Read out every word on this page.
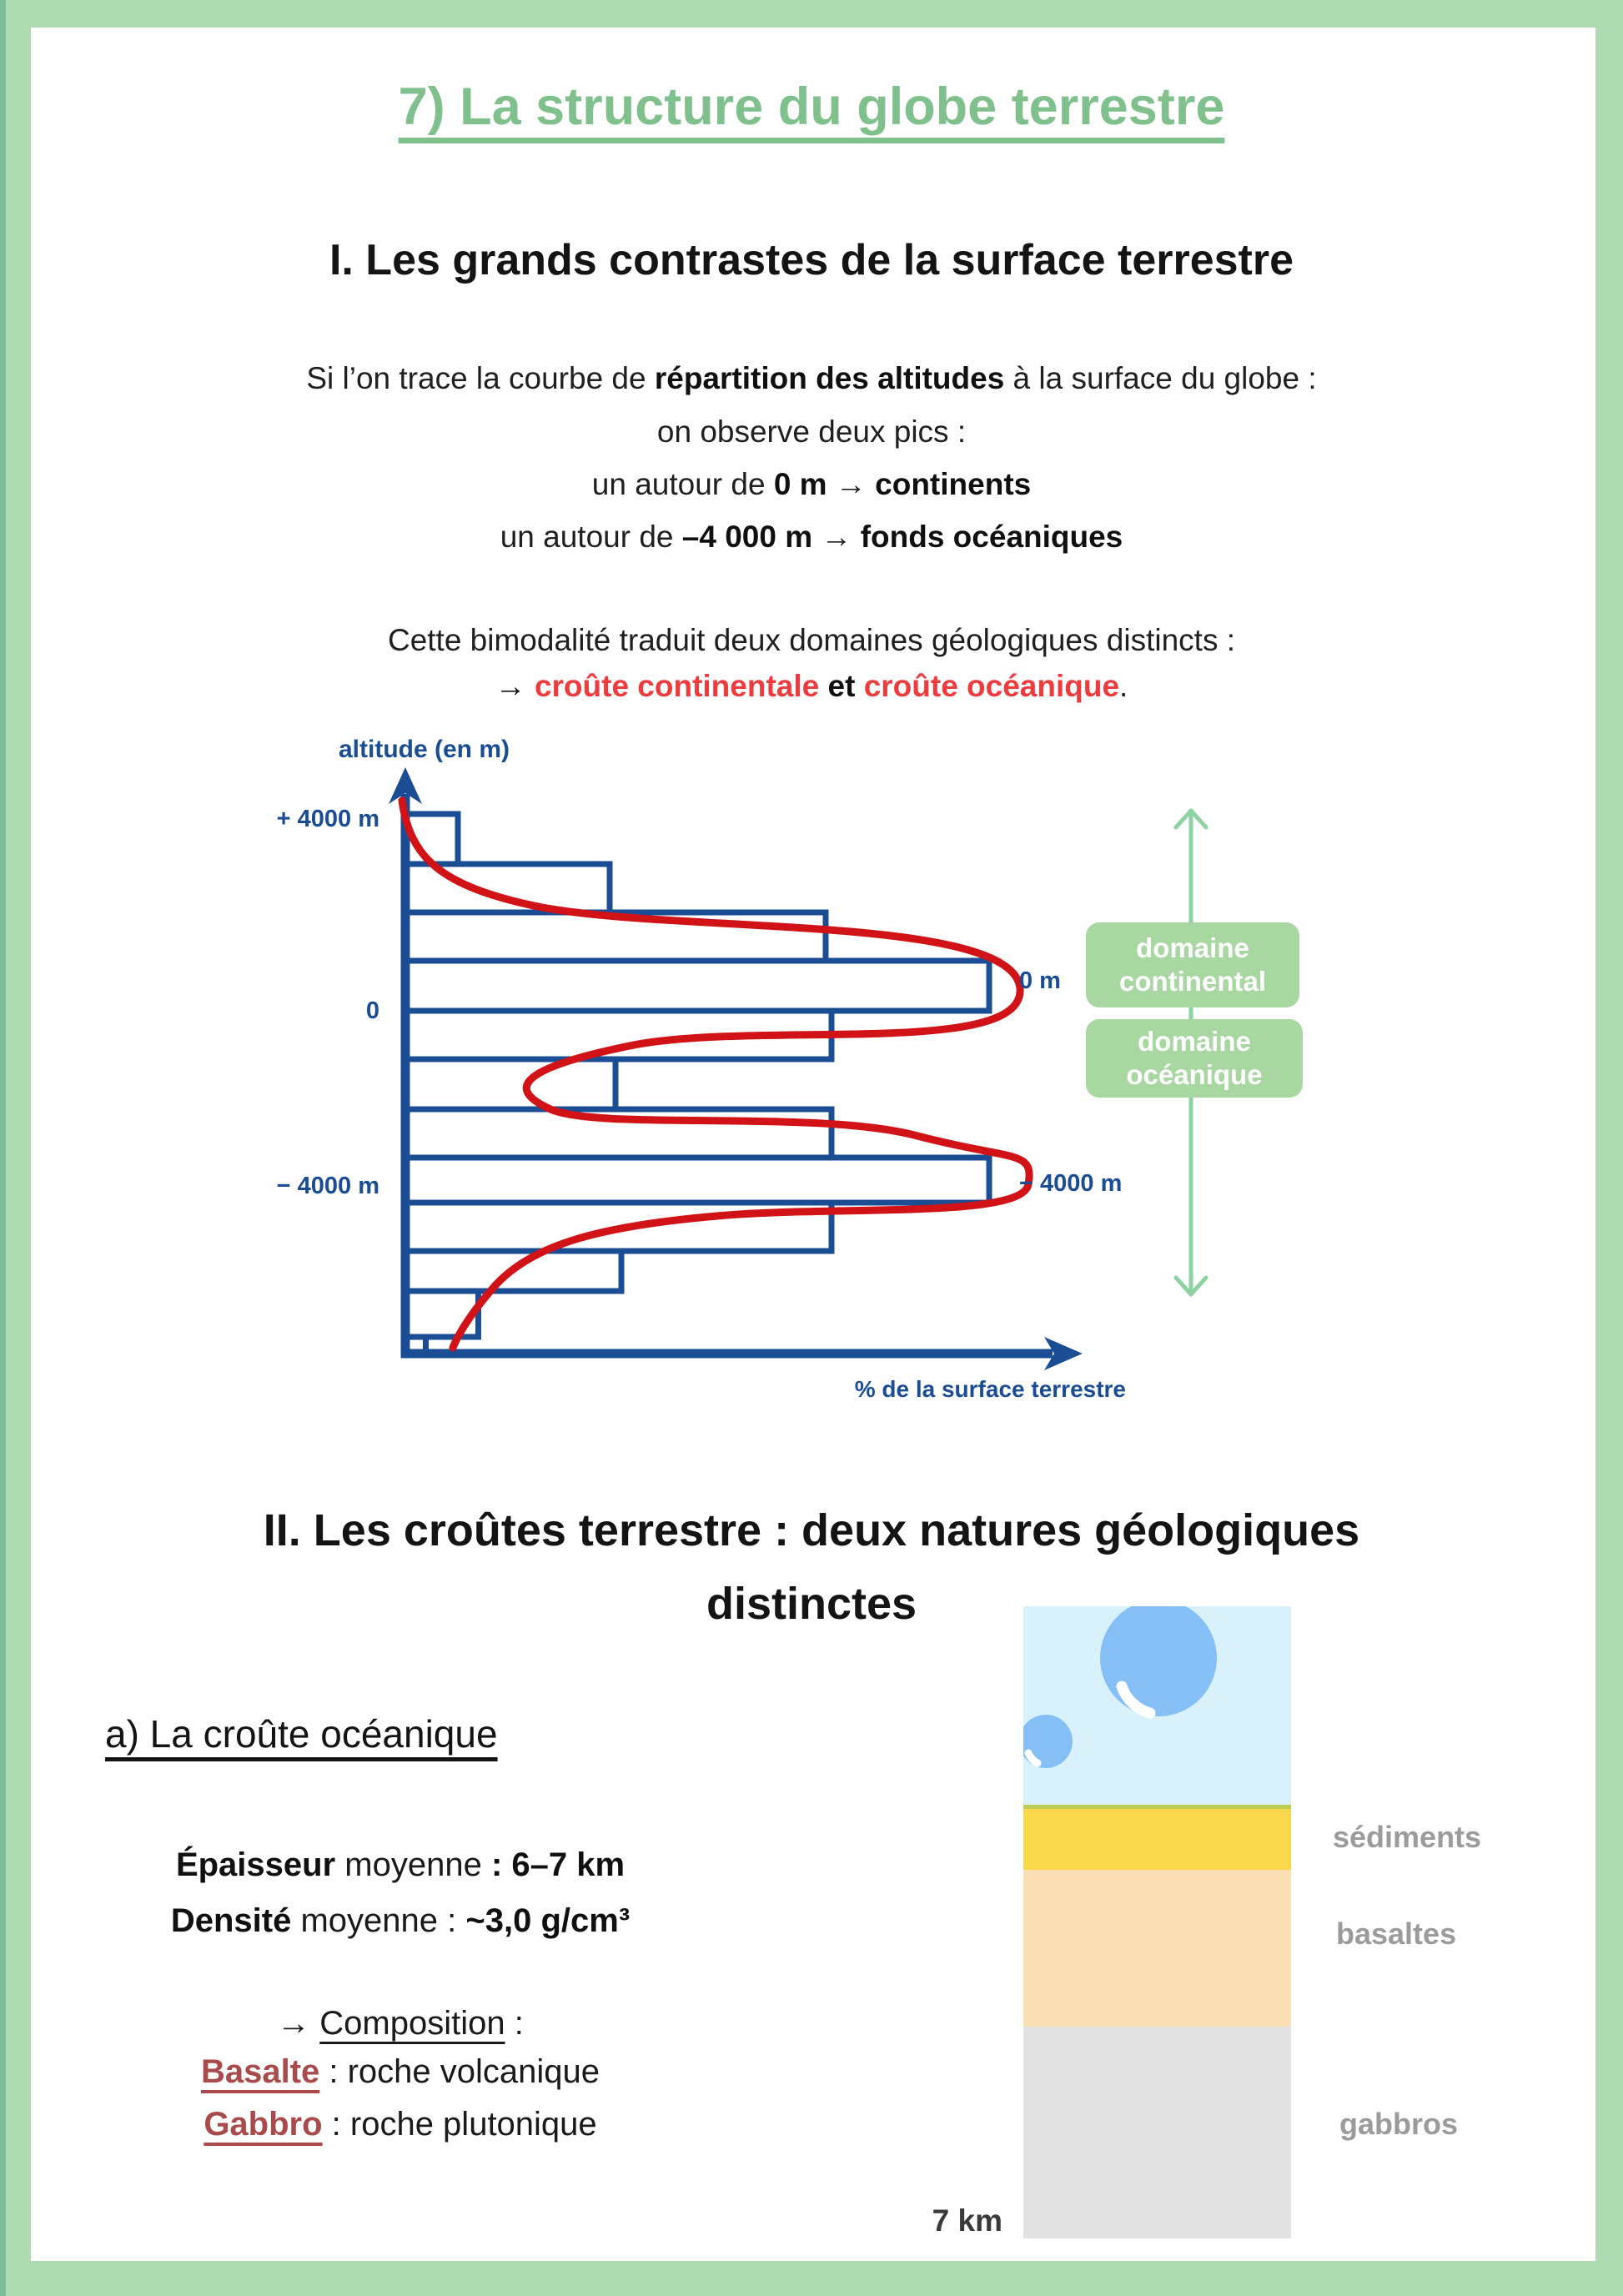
7) La structure du globe terrestre
I. Les grands contrastes de la surface terrestre
Si l’on trace la courbe de répartition des altitudes à la surface du globe :
on observe deux pics :
un autour de 0 m → continents
un autour de –4 000 m → fonds océaniques
Cette bimodalité traduit deux domaines géologiques distincts :
→ croûte continentale et croûte océanique.
altitude (en m)
+ 4000 m
0
− 4000 m
0 m
− 4000 m
% de la surface terrestre
domaine
continental
domaine
océanique
II. Les croûtes terrestre : deux natures géologiques
distinctes
a) La croûte océanique
Épaisseur moyenne : 6–7 km
Densité moyenne : ~3,0 g/cm³
→ Composition :
Basalte : roche volcanique
Gabbro : roche plutonique
sédiments
basaltes
gabbros
7 km
